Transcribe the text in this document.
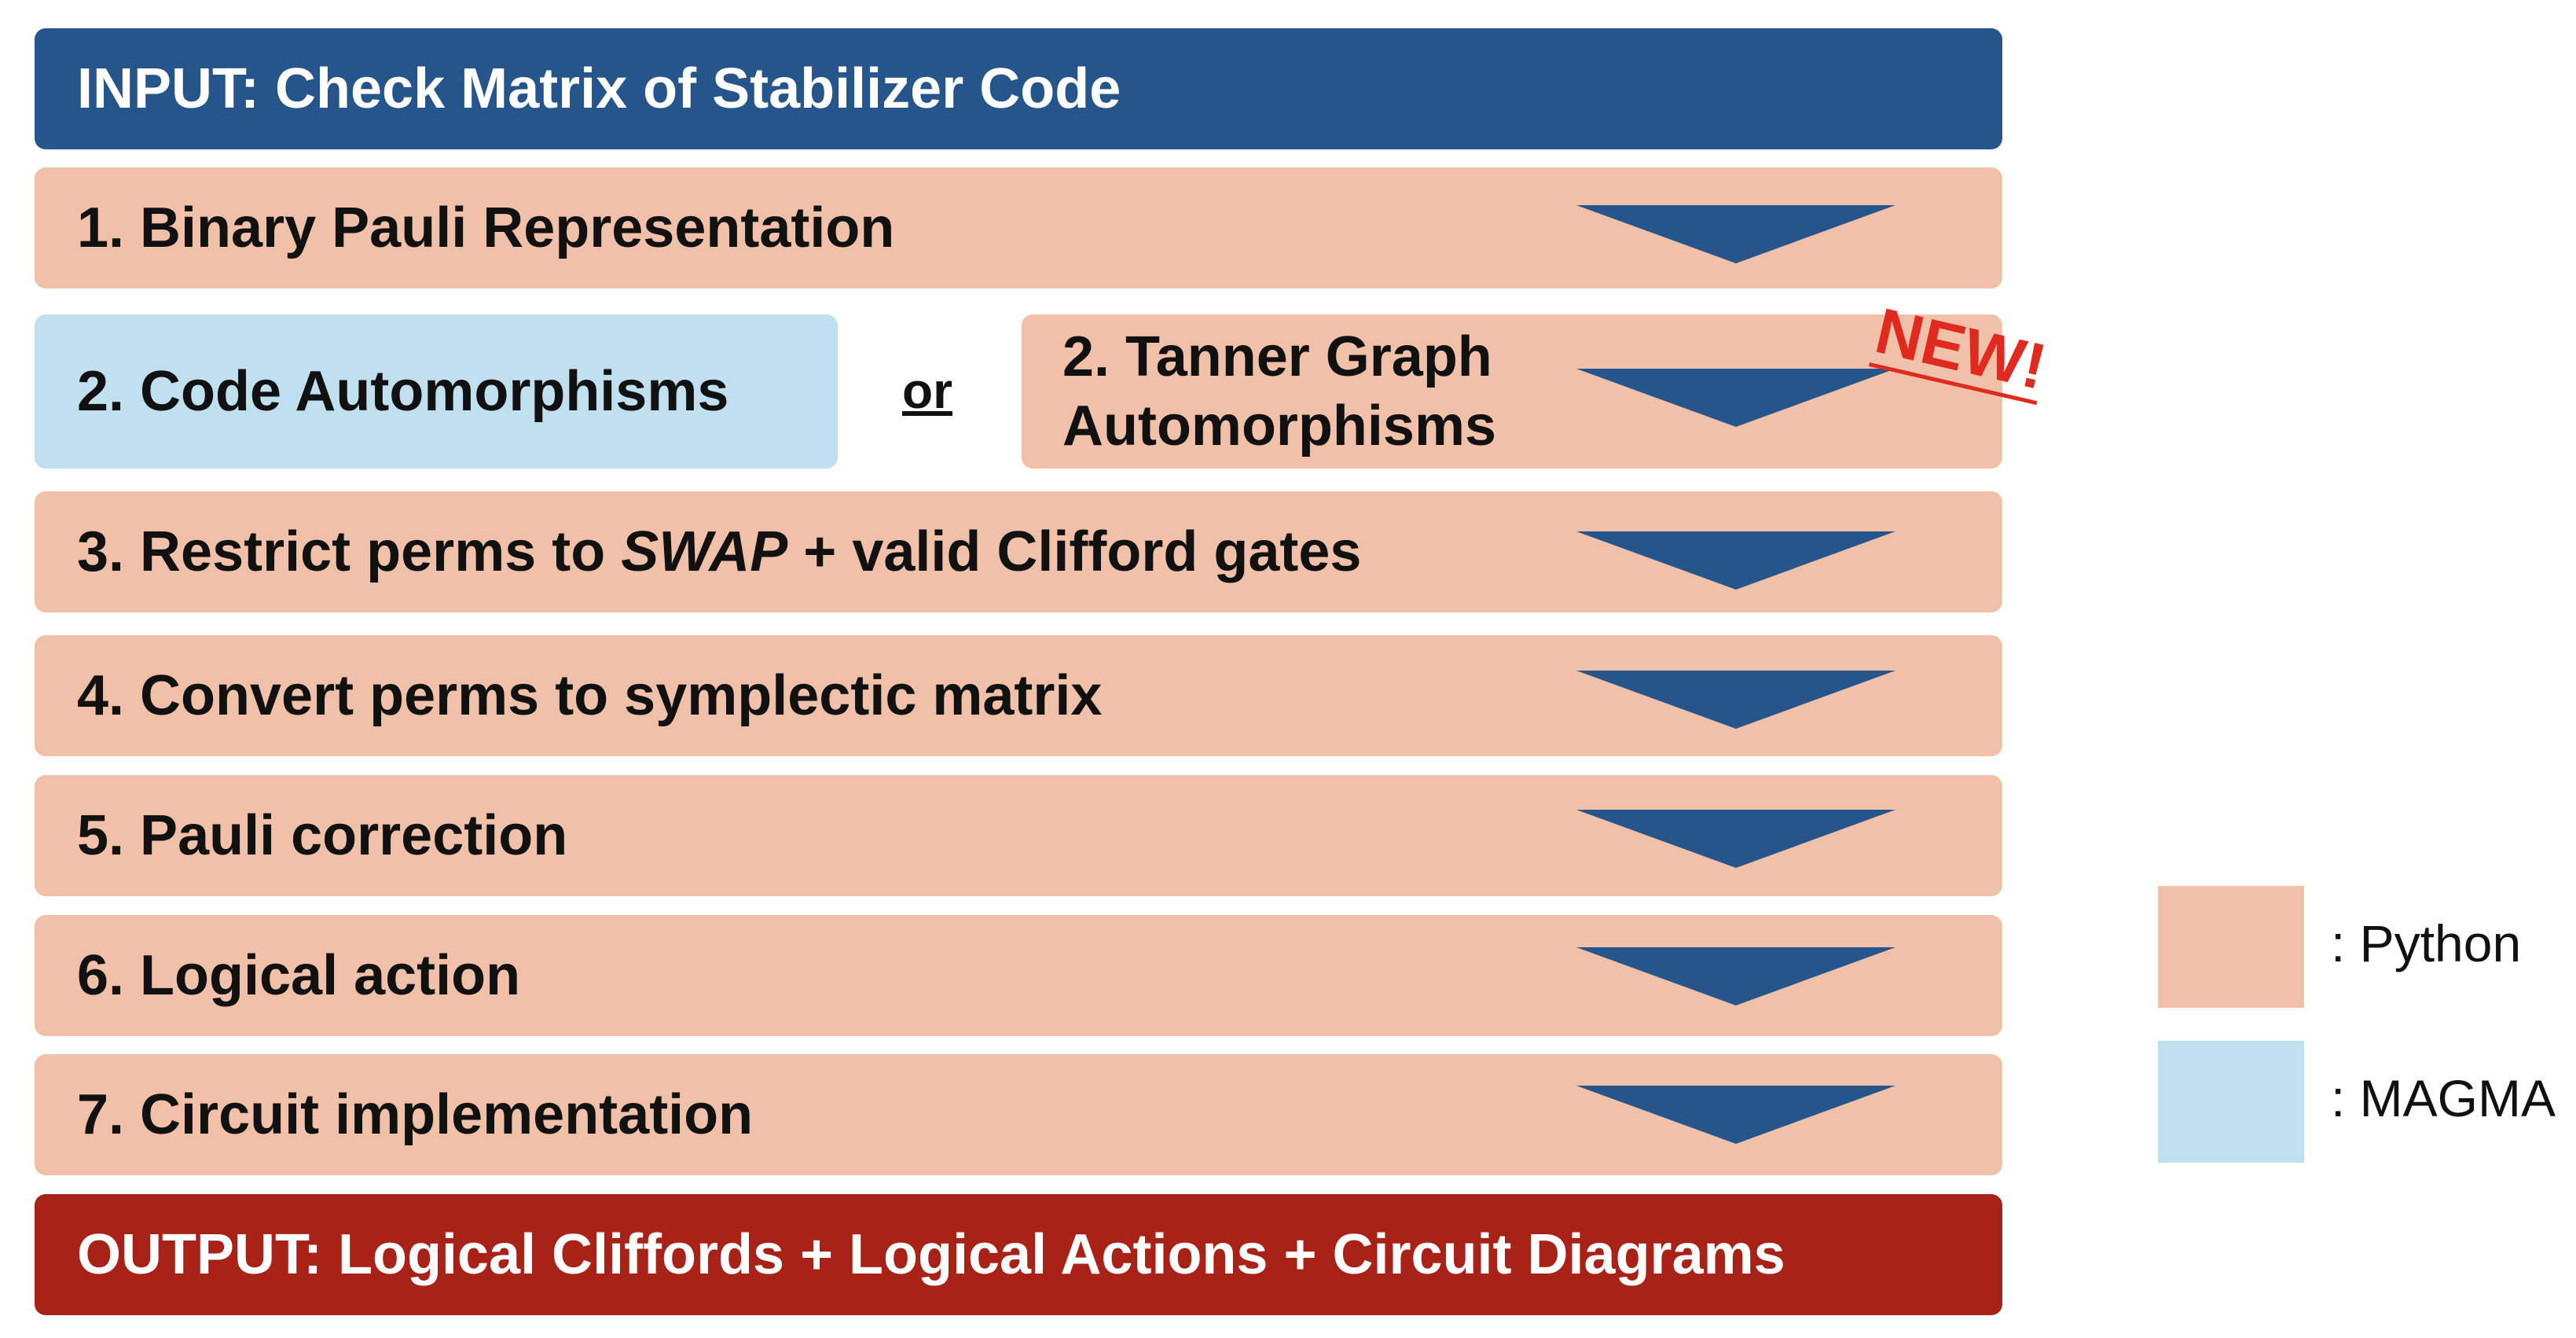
INPUT: Check Matrix of Stabilizer Code
1. Binary Pauli Representation
2. Code Automorphisms	or
2. Tanner Graph
Automorphisms
NEW!
3. Restrict perms to SWAP + valid Clifford gates
4. Convert perms to symplectic matrix
5. Pauli correction
6. Logical action
7. Circuit implementation
OUTPUT: Logical Cliffords + Logical Actions + Circuit Diagrams
: Python
: MAGMA
